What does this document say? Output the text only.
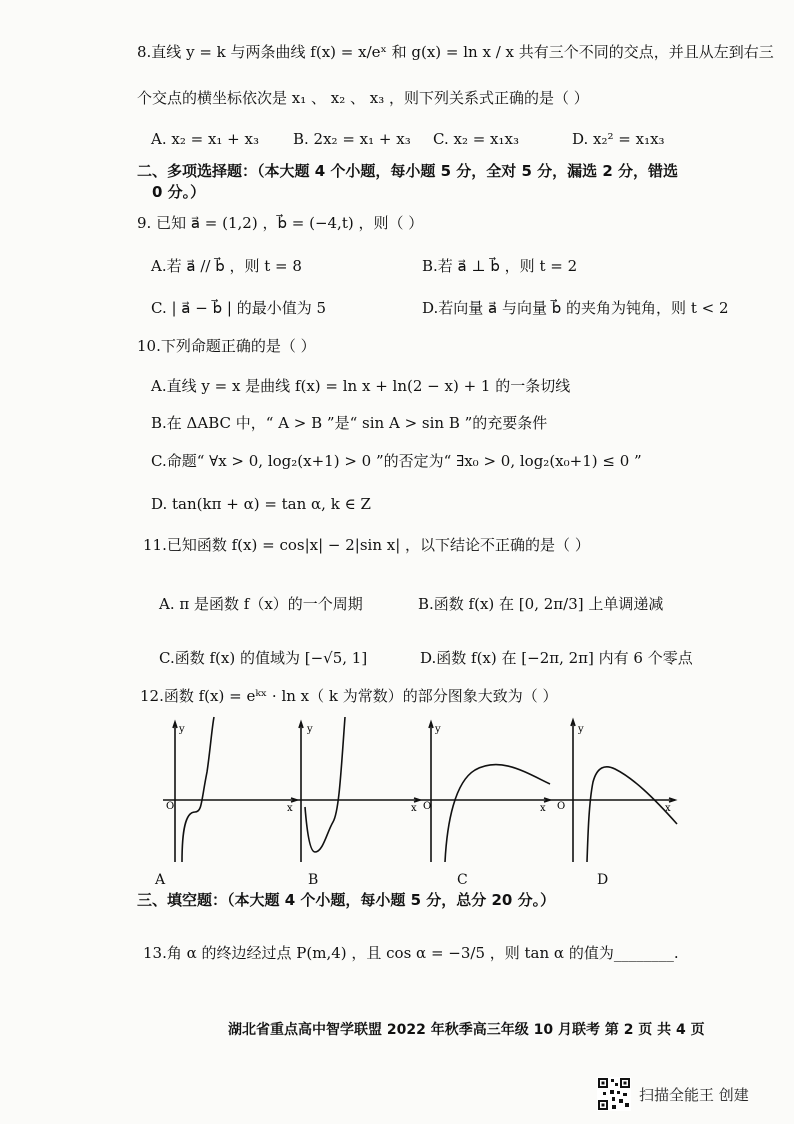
8.直线 y = k 与两条曲线 f(x) = x/eˣ 和 g(x) = ln x / x 共有三个不同的交点，并且从左到右三
个交点的横坐标依次是 x₁ 、 x₂ 、 x₃ ，则下列关系式正确的是（ ）
A. x₂ = x₁ + x₃ B. 2x₂ = x₁ + x₃ C. x₂ = x₁x₃	D. x₂² = x₁x₃
二、多项选择题：（本大题 4 个小题，每小题 5 分，全对 5 分，漏选 2 分，错选
0 分。）
9. 已知 a⃗ = (1,2) ，b⃗ = (−4,t) ，则（ ）
A.若 a⃗ // b⃗ ，则 t = 8	B.若 a⃗ ⊥ b⃗ ，则 t = 2
C. | a⃗ − b⃗ | 的最小值为 5	D.若向量 a⃗ 与向量 b⃗ 的夹角为钝角，则 t < 2
10.下列命题正确的是（ ）
A.直线 y = x 是曲线 f(x) = ln x + ln(2 − x) + 1 的一条切线
B.在 ΔABC 中，“ A > B ”是“ sin A > sin B ”的充要条件
C.命题“ ∀x > 0, log₂(x+1) > 0 ”的否定为“ ∃x₀ > 0, log₂(x₀+1) ≤ 0 ”
D. tan(kπ + α) = tan α, k ∈ Z
11.已知函数 f(x) = cos|x| − 2|sin x| ，以下结论不正确的是（ ）
A. π 是函数 f（x）的一个周期	B.函数 f(x) 在 [0, 2π/3] 上单调递减
C.函数 f(x) 的值域为 [−√5, 1]	D.函数 f(x) 在 [−2π, 2π] 内有 6 个零点
12.函数 f(x) = eᵏˣ · ln x（ k 为常数）的部分图象大致为（ ）
O
y
x
y
x O
y
x O
y
x
A	B	C	D
三、填空题：（本大题 4 个小题，每小题 5 分，总分 20 分。）
13.角 α 的终边经过点 P(m,4) ，且 cos α = −3/5 ，则 tan α 的值为________.
湖北省重点高中智学联盟 2022 年秋季高三年级 10 月联考 第 2 页 共 4 页
扫描全能王 创建
